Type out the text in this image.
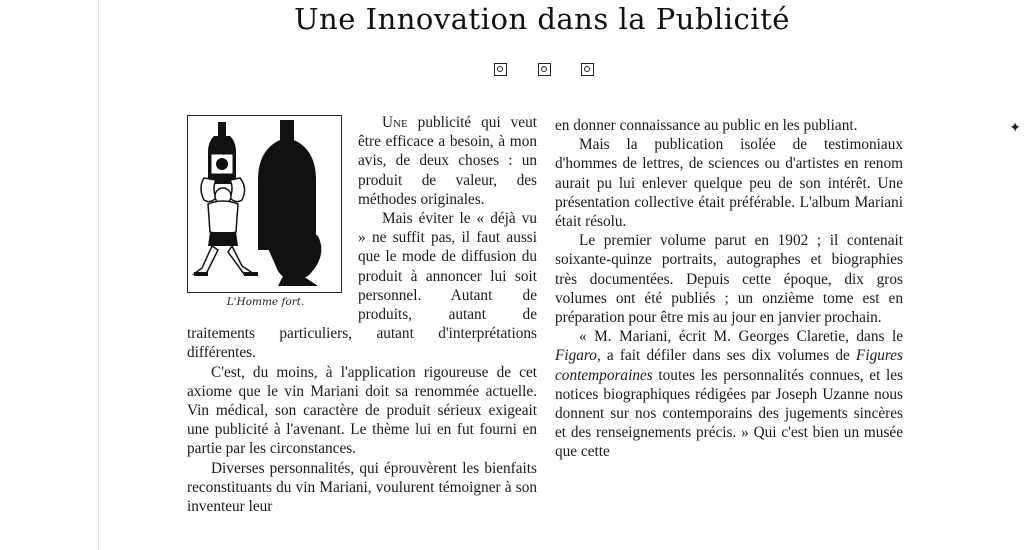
Une Innovation dans la Publicité
L'Homme fort.

Une publicité qui veut être efficace a besoin, à mon avis, de deux choses : un produit de valeur, des méthodes originales.

Mais éviter le « déjà vu » ne suffit pas, il faut aussi que le mode de diffusion du produit à annoncer lui soit personnel. Autant de produits, autant de traitements particuliers, autant d'interprétations différentes.

C'est, du moins, à l'application rigoureuse de cet axiome que le vin Mariani doit sa renommée actuelle. Vin médical, son caractère de produit sérieux exigeait une publicité à l'avenant. Le thème lui en fut fourni en partie par les circonstances.

Diverses personnalités, qui éprouvèrent les bienfaits reconstituants du vin Mariani, voulurent témoigner à son inventeur leur

en donner connaissance au public en les publiant.

Mais la publication isolée de testimoniaux d'hommes de lettres, de sciences ou d'artistes en renom aurait pu lui enlever quelque peu de son intérêt. Une présentation collective était préférable. L'album Mariani était résolu.

Le premier volume parut en 1902 ; il contenait soixante-quinze portraits, autographes et biographies très documentées. Depuis cette époque, dix gros volumes ont été publiés ; un onzième tome est en préparation pour être mis au jour en janvier prochain.

« M. Mariani, écrit M. Georges Claretie, dans le Figaro, a fait défiler dans ses dix volumes de Figures contemporaines toutes les personnalités connues, et les notices biographiques rédigées par Joseph Uzanne nous donnent sur nos contemporains des jugements sincères et des renseignements précis. » Qui c'est bien un musée que cette

✦
